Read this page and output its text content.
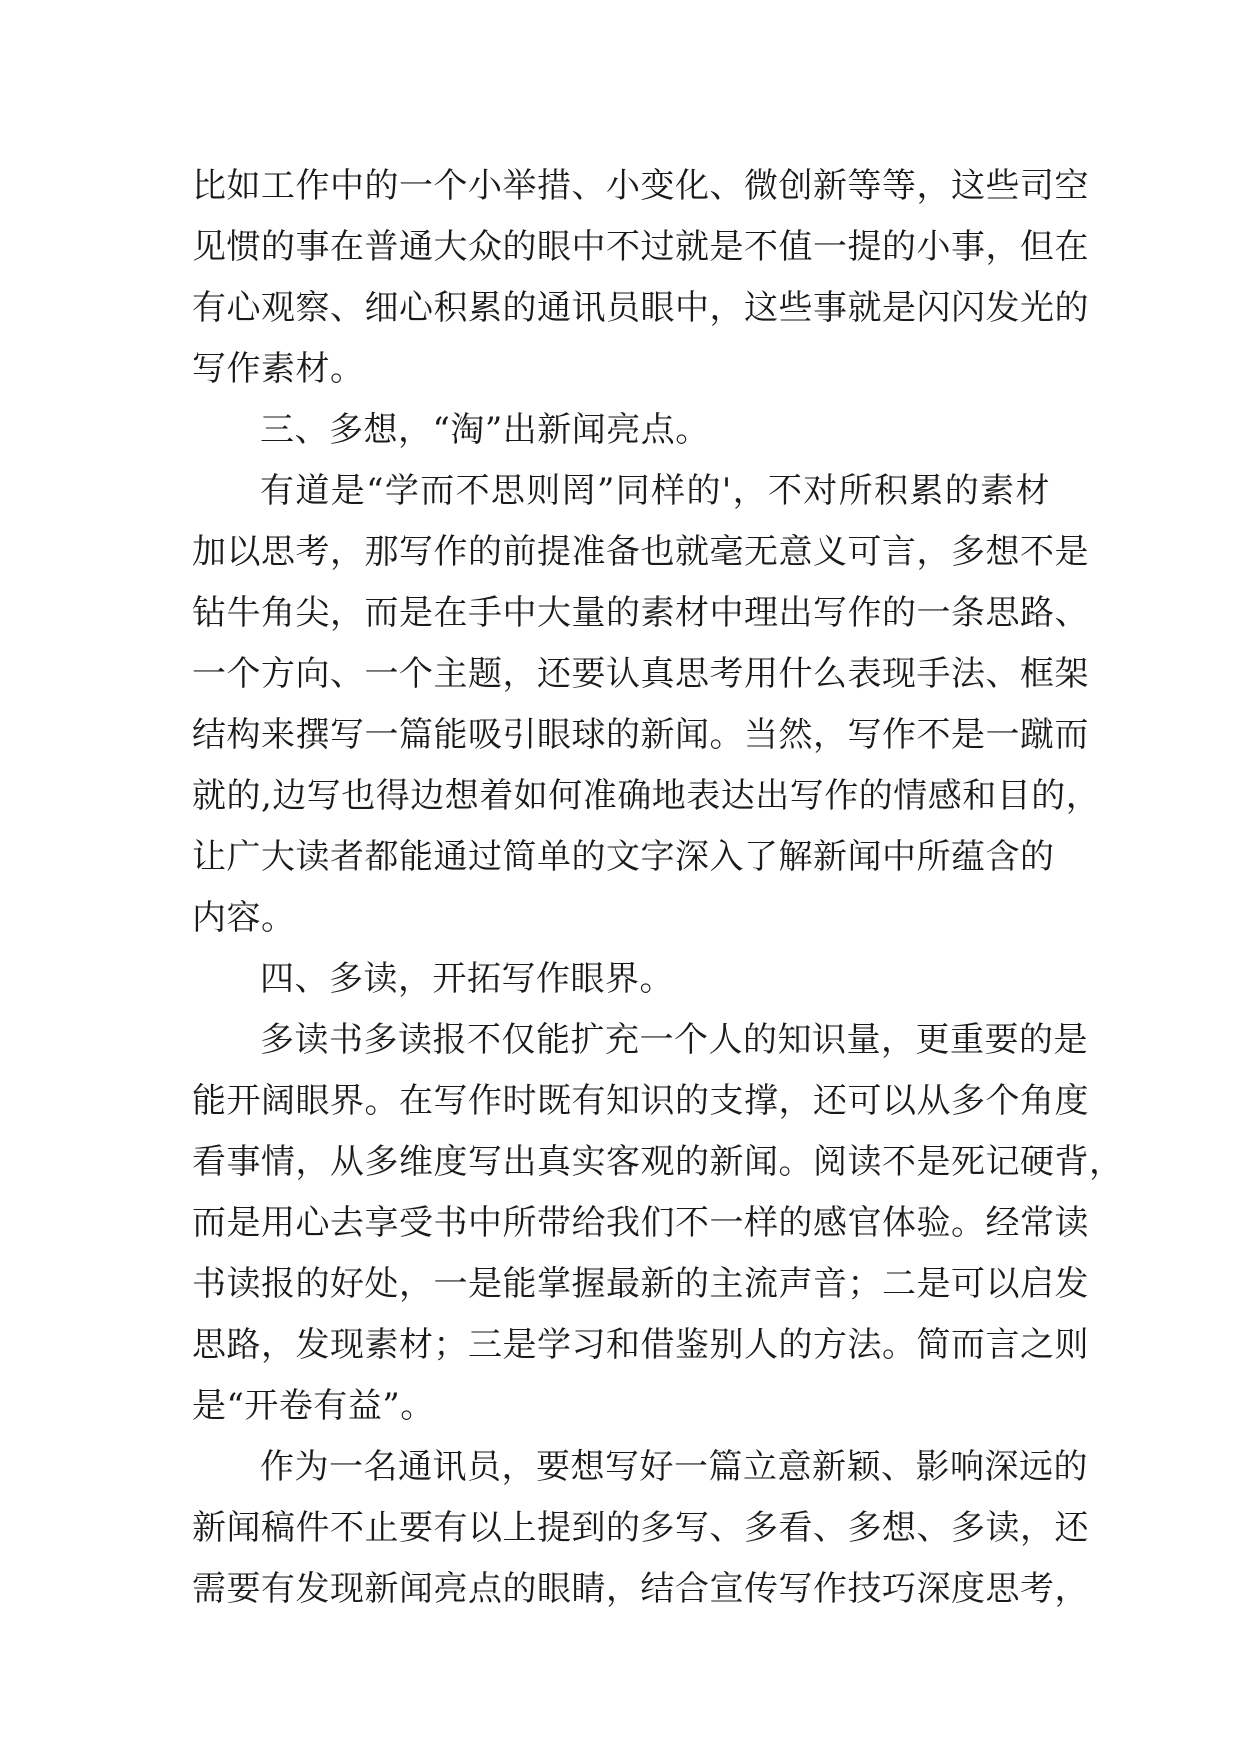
比如工作中的一个小举措、小变化、微创新等等，这些司空
见惯的事在普通大众的眼中不过就是不值一提的小事，但在
有心观察、细心积累的通讯员眼中，这些事就是闪闪发光的
写作素材。
三、多想，“淘”出新闻亮点。
有道是“学而不思则罔”同样的'，不对所积累的素材
加以思考，那写作的前提准备也就毫无意义可言，多想不是
钻牛角尖，而是在手中大量的素材中理出写作的一条思路、
一个方向、一个主题，还要认真思考用什么表现手法、框架
结构来撰写一篇能吸引眼球的新闻。当然，写作不是一蹴而
就的,边写也得边想着如何准确地表达出写作的情感和目的，
让广大读者都能通过简单的文字深入了解新闻中所蕴含的
内容。
四、多读，开拓写作眼界。
多读书多读报不仅能扩充一个人的知识量，更重要的是
能开阔眼界。在写作时既有知识的支撑，还可以从多个角度
看事情，从多维度写出真实客观的新闻。阅读不是死记硬背，
而是用心去享受书中所带给我们不一样的感官体验。经常读
书读报的好处，一是能掌握最新的主流声音；二是可以启发
思路，发现素材；三是学习和借鉴别人的方法。简而言之则
是“开卷有益”。
作为一名通讯员，要想写好一篇立意新颖、影响深远的
新闻稿件不止要有以上提到的多写、多看、多想、多读，还
需要有发现新闻亮点的眼睛，结合宣传写作技巧深度思考，
